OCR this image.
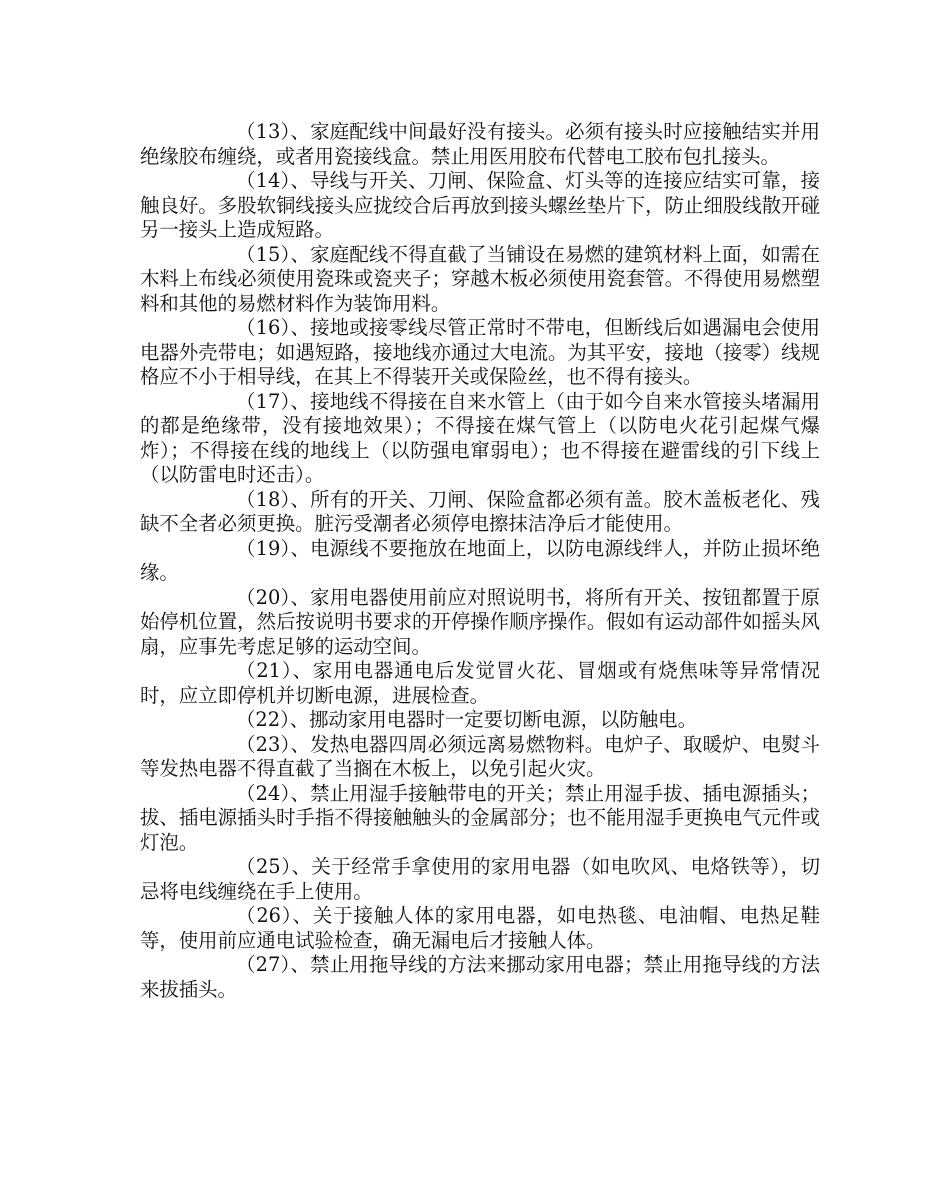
（13）、家庭配线中间最好没有接头。必须有接头时应接触结实并用绝缘胶布缠绕，或者用瓷接线盒。禁止用医用胶布代替电工胶布包扎接头。

（14）、导线与开关、刀闸、保险盒、灯头等的连接应结实可靠，接触良好。多股软铜线接头应拢绞合后再放到接头螺丝垫片下，防止细股线散开碰另一接头上造成短路。

（15）、家庭配线不得直截了当铺设在易燃的建筑材料上面，如需在木料上布线必须使用瓷珠或瓷夹子；穿越木板必须使用瓷套管。不得使用易燃塑料和其他的易燃材料作为装饰用料。

（16）、接地或接零线尽管正常时不带电，但断线后如遇漏电会使用电器外壳带电；如遇短路，接地线亦通过大电流。为其平安，接地（接零）线规格应不小于相导线，在其上不得装开关或保险丝，也不得有接头。

（17）、接地线不得接在自来水管上（由于如今自来水管接头堵漏用的都是绝缘带，没有接地效果）；不得接在煤气管上（以防电火花引起煤气爆炸）；不得接在线的地线上（以防强电窜弱电）；也不得接在避雷线的引下线上（以防雷电时还击）。

（18）、所有的开关、刀闸、保险盒都必须有盖。胶木盖板老化、残缺不全者必须更换。脏污受潮者必须停电擦抹洁净后才能使用。

（19）、电源线不要拖放在地面上，以防电源线绊人，并防止损坏绝缘。

（20）、家用电器使用前应对照说明书，将所有开关、按钮都置于原始停机位置，然后按说明书要求的开停操作顺序操作。假如有运动部件如摇头风扇，应事先考虑足够的运动空间。

（21）、家用电器通电后发觉冒火花、冒烟或有烧焦味等异常情况时，应立即停机并切断电源，进展检查。

（22）、挪动家用电器时一定要切断电源，以防触电。

（23）、发热电器四周必须远离易燃物料。电炉子、取暖炉、电熨斗等发热电器不得直截了当搁在木板上，以免引起火灾。

（24）、禁止用湿手接触带电的开关；禁止用湿手拔、插电源插头；拔、插电源插头时手指不得接触触头的金属部分；也不能用湿手更换电气元件或灯泡。

（25）、关于经常手拿使用的家用电器（如电吹风、电烙铁等），切忌将电线缠绕在手上使用。

（26）、关于接触人体的家用电器，如电热毯、电油帽、电热足鞋等，使用前应通电试验检查，确无漏电后才接触人体。

（27）、禁止用拖导线的方法来挪动家用电器；禁止用拖导线的方法来拔插头。
